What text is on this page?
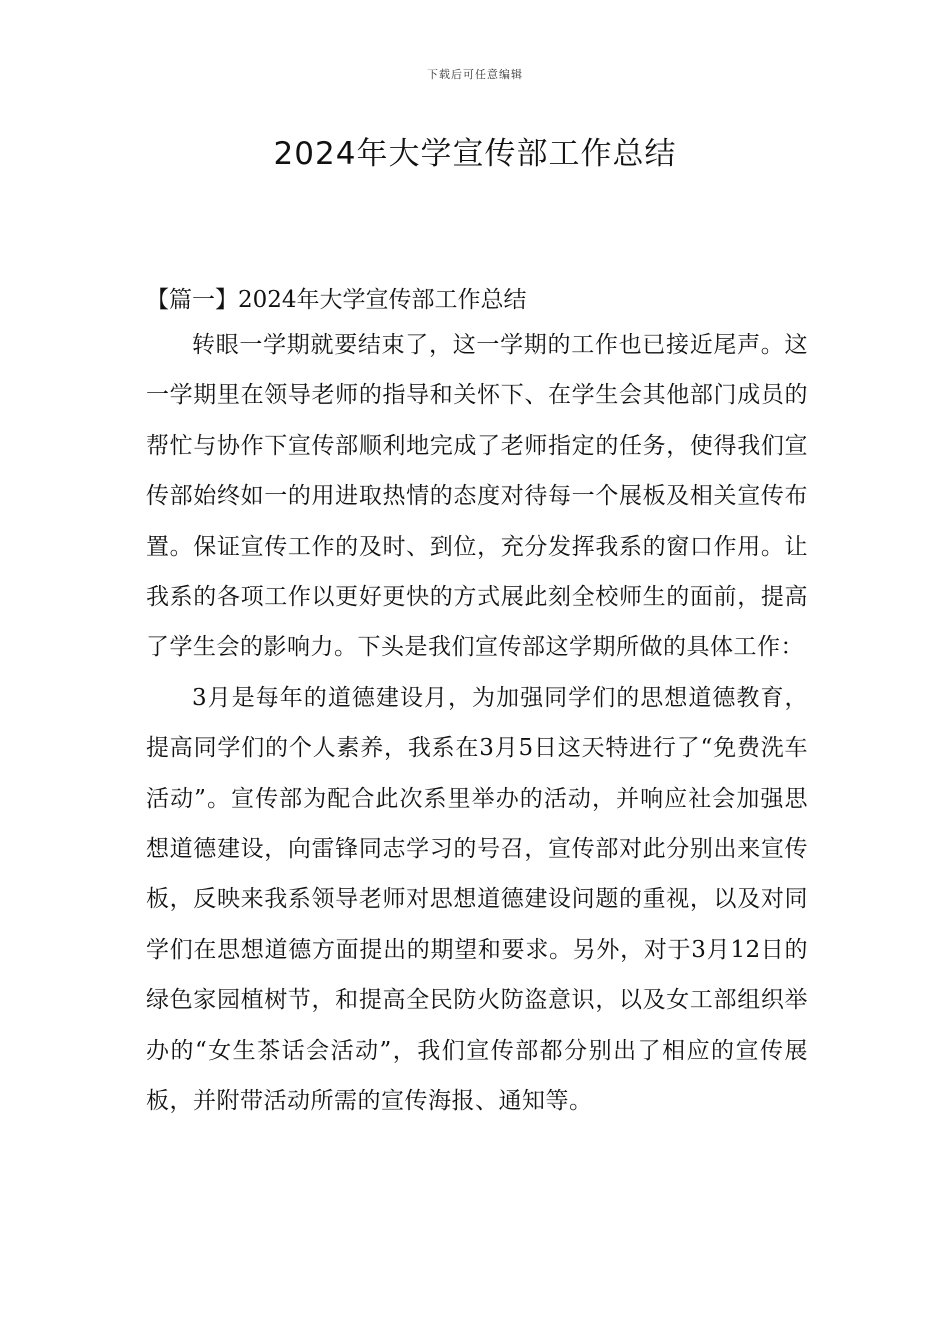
下载后可任意编辑
2024年大学宣传部工作总结

【篇一】2024年大学宣传部工作总结

转眼一学期就要结束了，这一学期的工作也已接近尾声。这一学期里在领导老师的指导和关怀下、在学生会其他部门成员的帮忙与协作下宣传部顺利地完成了老师指定的任务，使得我们宣传部始终如一的用进取热情的态度对待每一个展板及相关宣传布置。保证宣传工作的及时、到位，充分发挥我系的窗口作用。让我系的各项工作以更好更快的方式展此刻全校师生的面前，提高了学生会的影响力。下头是我们宣传部这学期所做的具体工作：

3月是每年的道德建设月，为加强同学们的思想道德教育，提高同学们的个人素养，我系在3月5日这天特进行了“免费洗车活动”。宣传部为配合此次系里举办的活动，并响应社会加强思想道德建设，向雷锋同志学习的号召，宣传部对此分别出来宣传板，反映来我系领导老师对思想道德建设问题的重视，以及对同学们在思想道德方面提出的期望和要求。另外，对于3月12日的绿色家园植树节，和提高全民防火防盗意识，以及女工部组织举办的“女生茶话会活动”，我们宣传部都分别出了相应的宣传展板，并附带活动所需的宣传海报、通知等。
